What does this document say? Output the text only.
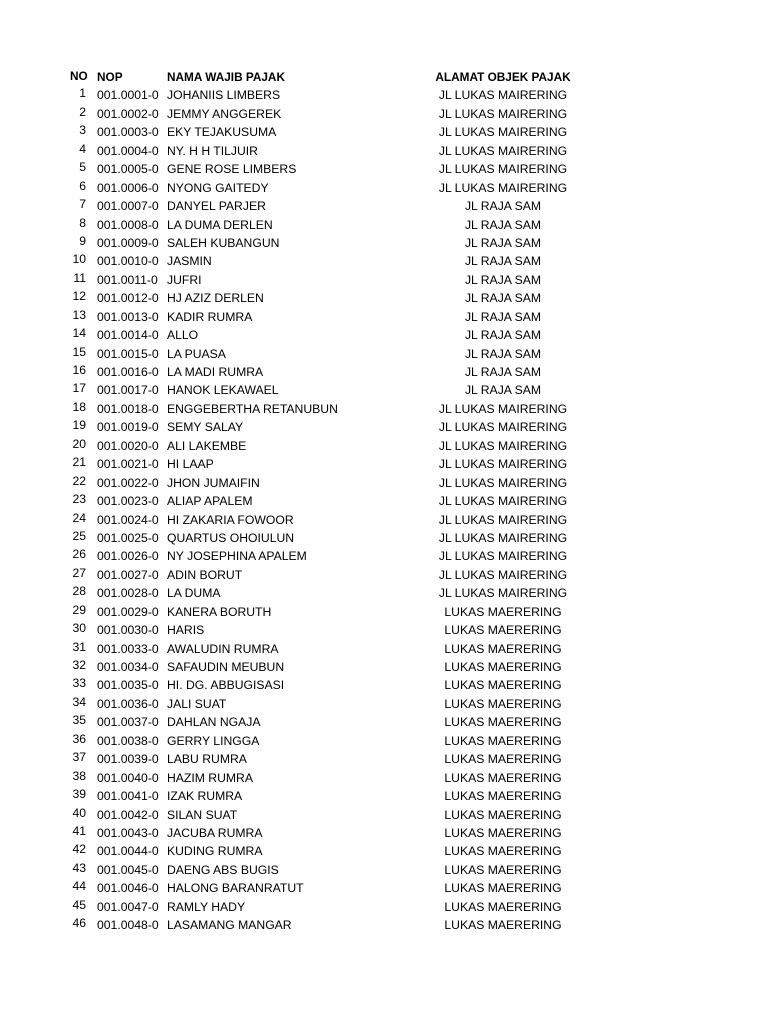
NO NOP	NAMA WAJIB PAJAK	ALAMAT OBJEK PAJAK
1 001.0001-0 JOHANIIS LIMBERS	JL LUKAS MAIRERING
2 001.0002-0 JEMMY ANGGEREK	JL LUKAS MAIRERING
3 001.0003-0 EKY TEJAKUSUMA	JL LUKAS MAIRERING
4 001.0004-0 NY. H H TILJUIR	JL LUKAS MAIRERING
5 001.0005-0 GENE ROSE LIMBERS	JL LUKAS MAIRERING
6 001.0006-0 NYONG GAITEDY	JL LUKAS MAIRERING
7 001.0007-0 DANYEL PARJER	JL RAJA SAM
8 001.0008-0 LA DUMA DERLEN	JL RAJA SAM
9 001.0009-0 SALEH KUBANGUN	JL RAJA SAM
10 001.0010-0 JASMIN	JL RAJA SAM
11 001.0011-0 JUFRI	JL RAJA SAM
12 001.0012-0 HJ AZIZ DERLEN	JL RAJA SAM
13 001.0013-0 KADIR RUMRA	JL RAJA SAM
14 001.0014-0 ALLO	JL RAJA SAM
15 001.0015-0 LA PUASA	JL RAJA SAM
16 001.0016-0 LA MADI RUMRA	JL RAJA SAM
17 001.0017-0 HANOK LEKAWAEL	JL RAJA SAM
18 001.0018-0 ENGGEBERTHA RETANUBUN	JL LUKAS MAIRERING
19 001.0019-0 SEMY SALAY	JL LUKAS MAIRERING
20 001.0020-0 ALI LAKEMBE	JL LUKAS MAIRERING
21 001.0021-0 HI LAAP	JL LUKAS MAIRERING
22 001.0022-0 JHON JUMAIFIN	JL LUKAS MAIRERING
23 001.0023-0 ALIAP APALEM	JL LUKAS MAIRERING
24 001.0024-0 HI ZAKARIA FOWOOR	JL LUKAS MAIRERING
25 001.0025-0 QUARTUS OHOIULUN	JL LUKAS MAIRERING
26 001.0026-0 NY JOSEPHINA APALEM	JL LUKAS MAIRERING
27 001.0027-0 ADIN BORUT	JL LUKAS MAIRERING
28 001.0028-0 LA DUMA	JL LUKAS MAIRERING
29 001.0029-0 KANERA BORUTH	LUKAS MAERERING
30 001.0030-0 HARIS	LUKAS MAERERING
31 001.0033-0 AWALUDIN RUMRA	LUKAS MAERERING
32 001.0034-0 SAFAUDIN MEUBUN	LUKAS MAERERING
33 001.0035-0 HI. DG. ABBUGISASI	LUKAS MAERERING
34 001.0036-0 JALI SUAT	LUKAS MAERERING
35 001.0037-0 DAHLAN NGAJA	LUKAS MAERERING
36 001.0038-0 GERRY LINGGA	LUKAS MAERERING
37 001.0039-0 LABU RUMRA	LUKAS MAERERING
38 001.0040-0 HAZIM RUMRA	LUKAS MAERERING
39 001.0041-0 IZAK RUMRA	LUKAS MAERERING
40 001.0042-0 SILAN SUAT	LUKAS MAERERING
41 001.0043-0 JACUBA RUMRA	LUKAS MAERERING
42 001.0044-0 KUDING RUMRA	LUKAS MAERERING
43 001.0045-0 DAENG ABS BUGIS	LUKAS MAERERING
44 001.0046-0 HALONG BARANRATUT	LUKAS MAERERING
45 001.0047-0 RAMLY HADY	LUKAS MAERERING
46 001.0048-0 LASAMANG MANGAR	LUKAS MAERERING
